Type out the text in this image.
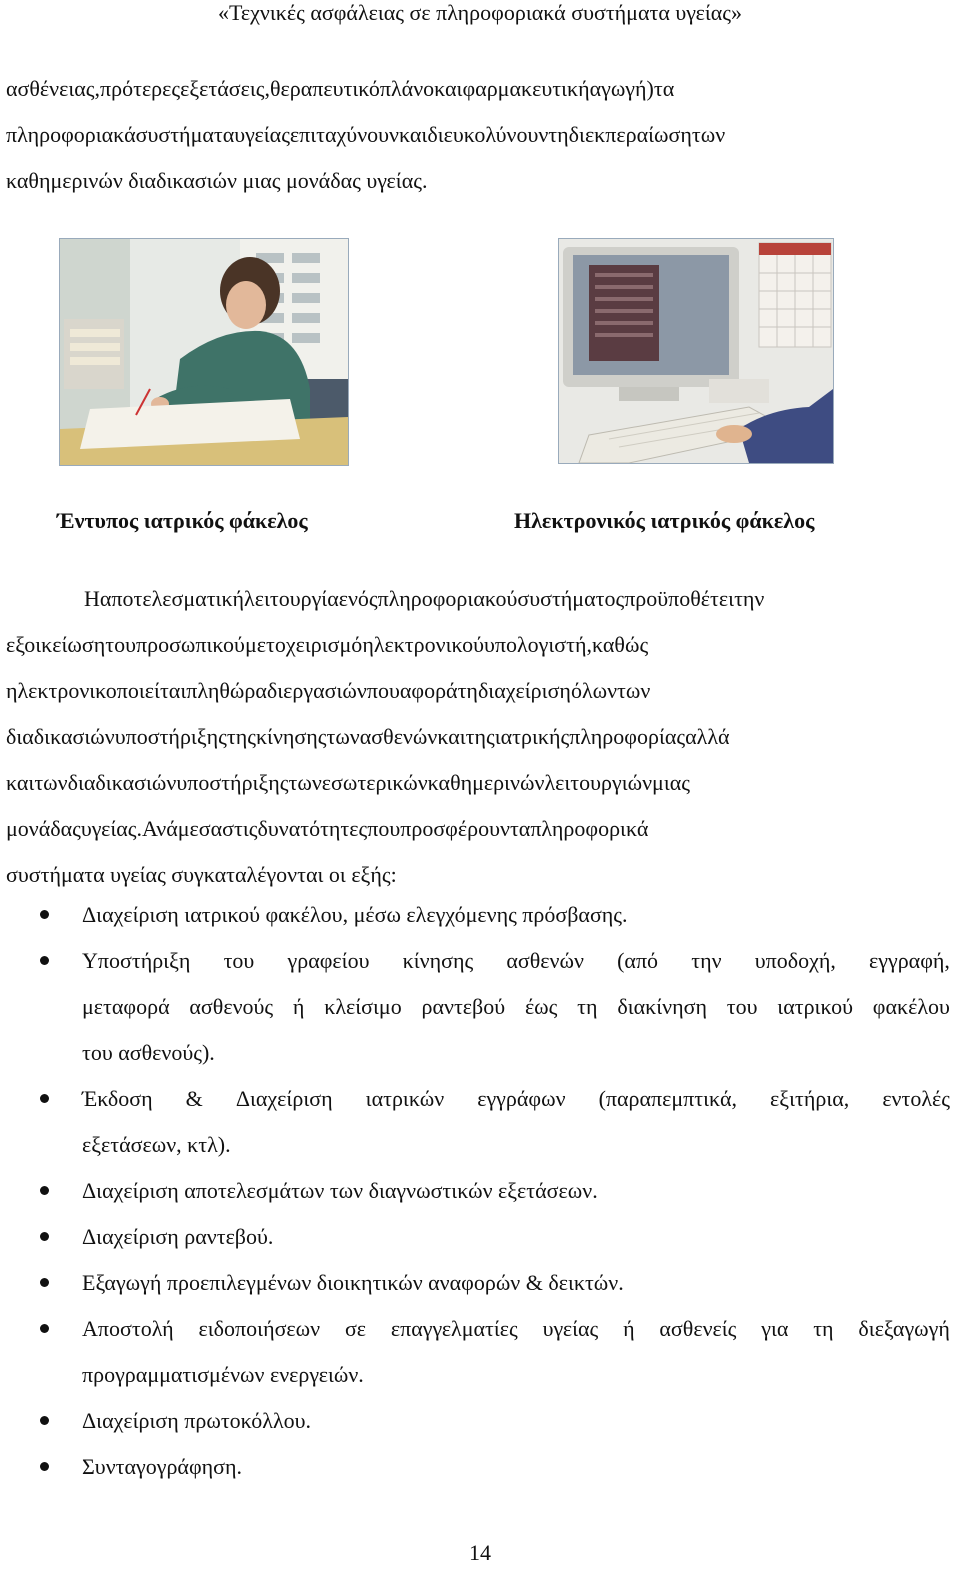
«Τεχνικές ασφάλειας σε πληροφοριακά συστήματα υγείας»
ασθένειας,πρότερεςεξετάσεις,θεραπευτικόπλάνοκαιφαρμακευτικήαγωγή)τα
πληροφοριακάσυστήματαυγείαςεπιταχύνουνκαιδιευκολύνουντηδιεκπεραίωσητων
καθημερινών διαδικασιών μιας μονάδας υγείας.
Έντυπος ιατρικός φάκελος	Ηλεκτρονικός ιατρικός φάκελος
Ηαποτελεσματικήλειτουργίαενόςπληροφοριακούσυστήματοςπροϋποθέτειτην
εξοικείωσητουπροσωπικούμετοχειρισμόηλεκτρονικούυπολογιστή,καθώς
ηλεκτρονικοποιείταιπληθώραδιεργασιώνπουαφοράτηδιαχείρισηόλωντων
διαδικασιώνυποστήριξηςτηςκίνησηςτωνασθενώνκαιτηςιατρικήςπληροφορίαςαλλά
καιτωνδιαδικασιώνυποστήριξηςτωνεσωτερικώνκαθημερινώνλειτουργιώνμιας
μονάδαςυγείας.Ανάμεσαστιςδυνατότητεςπουπροσφέρουνταπληροφορικά
συστήματα υγείας συγκαταλέγονται οι εξής:
Διαχείριση ιατρικού φακέλου, μέσω ελεγχόμενης πρόσβασης.
Υποστήριξη του γραφείου κίνησης ασθενών (από την υποδοχή, εγγραφή,
μεταφορά ασθενούς ή κλείσιμο ραντεβού έως τη διακίνηση του ιατρικού φακέλου
του ασθενούς).
Έκδοση & Διαχείριση ιατρικών εγγράφων (παραπεμπτικά, εξιτήρια, εντολές
εξετάσεων, κτλ).
Διαχείριση αποτελεσμάτων των διαγνωστικών εξετάσεων.
Διαχείριση ραντεβού.
Εξαγωγή προεπιλεγμένων διοικητικών αναφορών & δεικτών.
Αποστολή ειδοποιήσεων σε επαγγελματίες υγείας ή ασθενείς για τη διεξαγωγή
προγραμματισμένων ενεργειών.
Διαχείριση πρωτοκόλλου.
Συνταγογράφηση.
14
